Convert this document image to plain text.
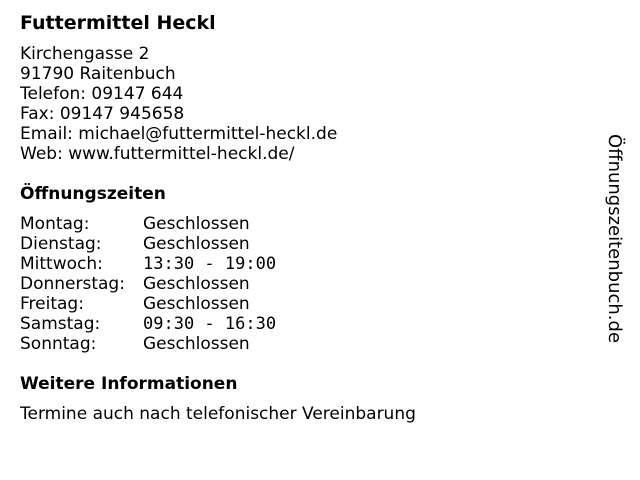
Futtermittel Heckl
Kirchengasse 2
91790 Raitenbuch
Telefon: 09147 644
Fax: 09147 945658
Email: michael@futtermittel-heckl.de
Web: www.futtermittel-heckl.de/
Öffnungszeiten
Montag:	Geschlossen
Dienstag: Geschlossen
Mittwoch: 13:30 - 19:00
Donnerstag: Geschlossen
Freitag:	Geschlossen
Samstag:	09:30 - 16:30
Sonntag:	Geschlossen
Weitere Informationen
Termine auch nach telefonischer Vereinbarung
Öffnungszeitenbuch.de
